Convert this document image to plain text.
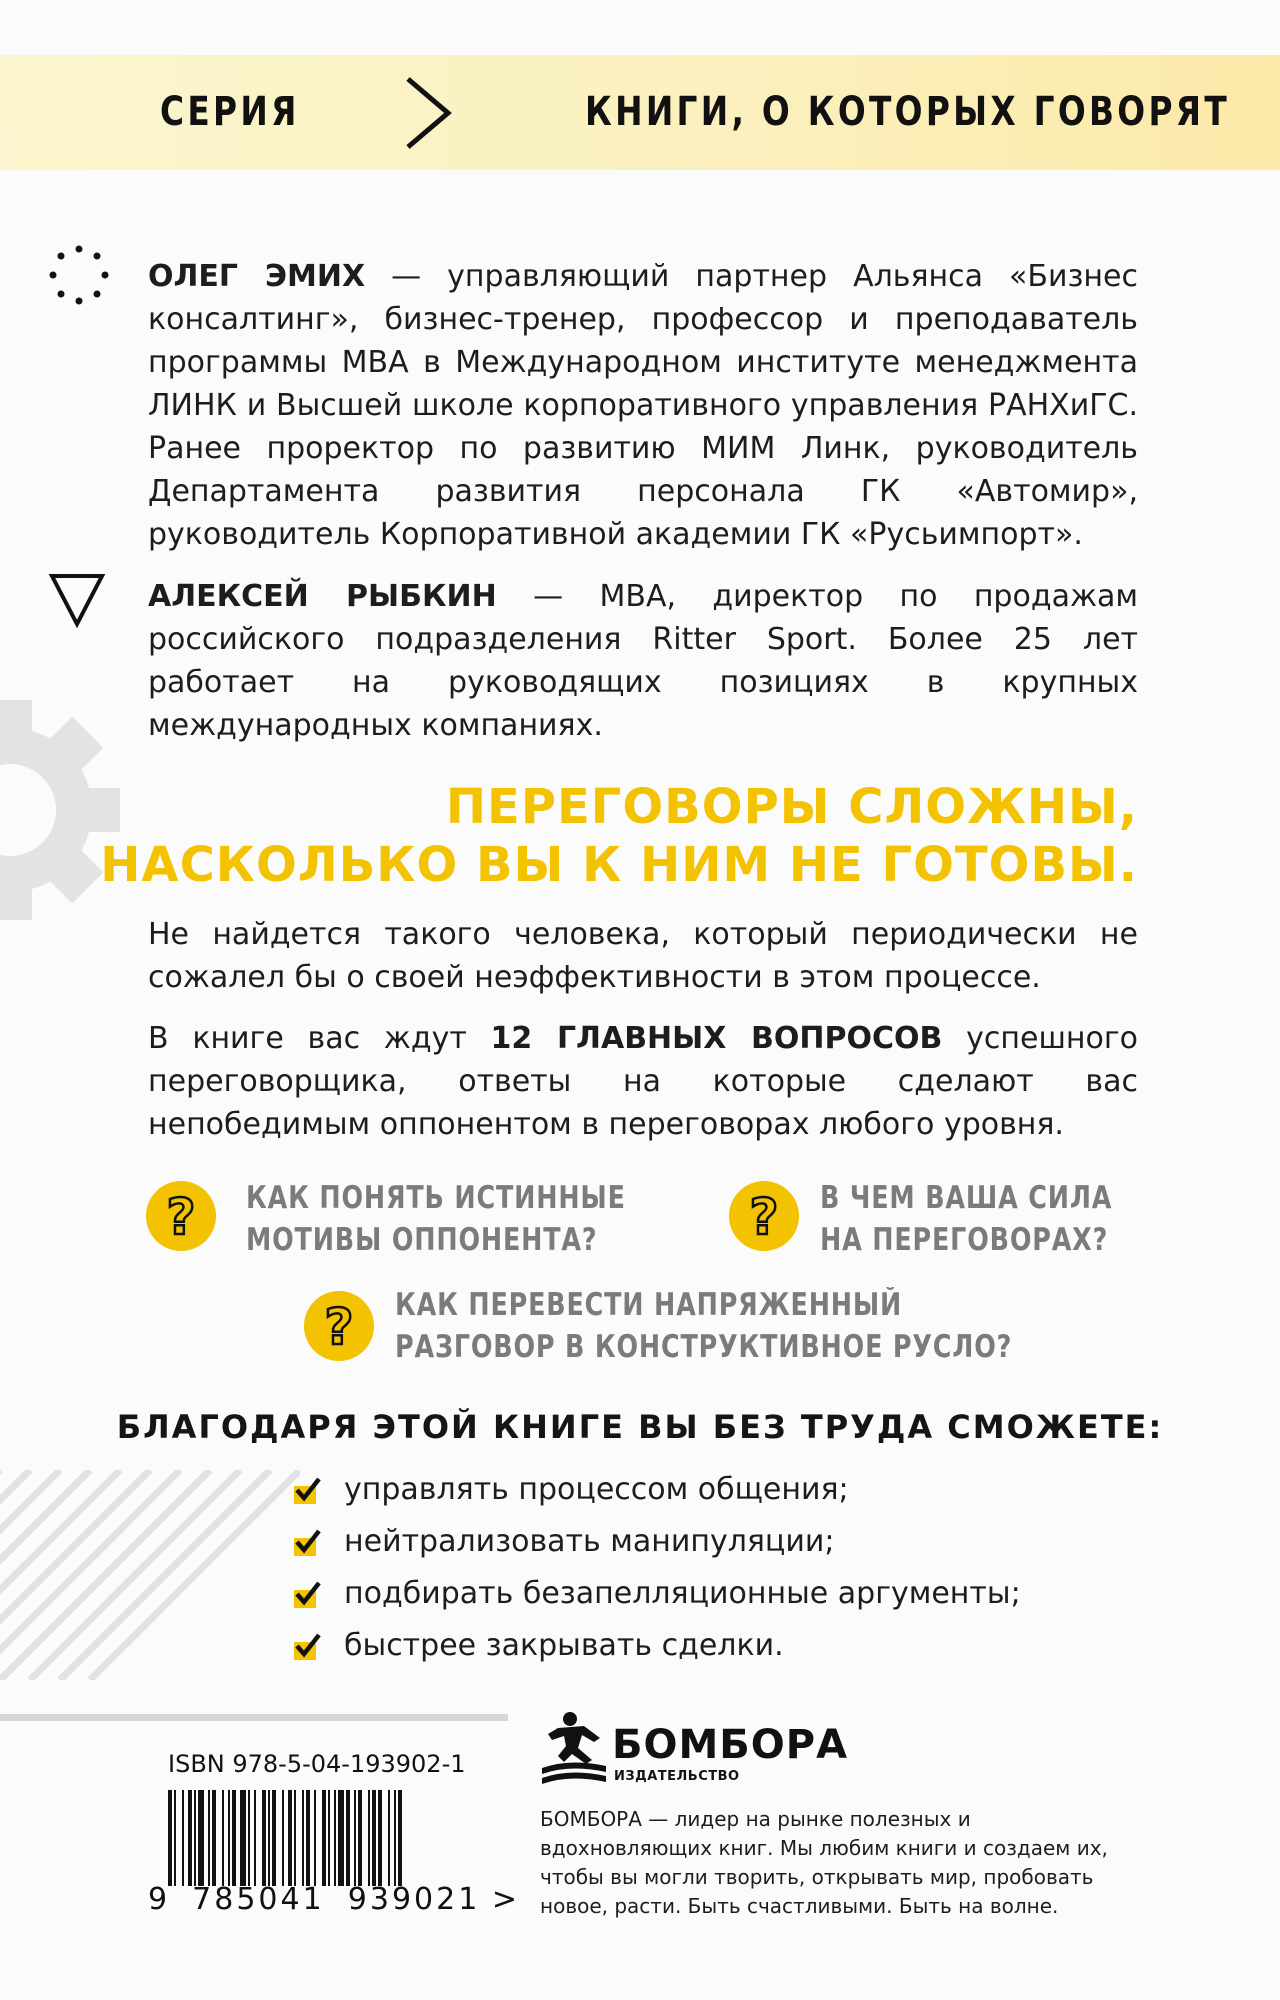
СЕРИЯ	КНИГИ, О КОТОРЫХ ГОВОРЯТ
ОЛЕГ ЭМИХ — управляющий партнер Альянса «Бизнес консалтинг», бизнес-тренер, профессор и преподаватель программы MBA в Международном институте менеджмента ЛИНК и Высшей школе корпоративного управления РАНХиГС. Ранее проректор по развитию МИМ Линк, руководитель Департамента развития персонала ГК «Автомир», руководитель Корпоративной академии ГК «Русьимпорт».
АЛЕКСЕЙ РЫБКИН — MBA, директор по продажам российского подразделения Ritter Sport. Более 25 лет работает на руководящих позициях в крупных международных компаниях.
ПЕРЕГОВОРЫ СЛОЖНЫ,
НАСКОЛЬКО ВЫ К НИМ НЕ ГОТОВЫ.
Не найдется такого человека, который периодически не сожалел бы о своей неэффективности в этом процессе.
В книге вас ждут 12 ГЛАВНЫХ ВОПРОСОВ успешного переговорщика, ответы на которые сделают вас непобедимым оппонентом в переговорах любого уровня.
? КАК ПОНЯТЬ ИСТИННЫЕ
МОТИВЫ ОППОНЕНТА?	? В ЧЕМ ВАША СИЛА
НА ПЕРЕГОВОРАХ?
? КАК ПЕРЕВЕСТИ НАПРЯЖЕННЫЙ
РАЗГОВОР В КОНСТРУКТИВНОЕ РУСЛО?
БЛАГОДАРЯ ЭТОЙ КНИГЕ ВЫ БЕЗ ТРУДА СМОЖЕТЕ:
управлять процессом общения;
нейтрализовать манипуляции;
подбирать безапелляционные аргументы;
быстрее закрывать сделки.
ISBN 978-5-04-193902-1
9 785041 939021 >
БОМБОРА
ИЗДАТЕЛЬСТВО
БОМБОРА — лидер на рынке полезных и вдохновляющих книг. Мы любим книги и создаем их, чтобы вы могли творить, открывать мир, пробовать новое, расти. Быть счастливыми. Быть на волне.
